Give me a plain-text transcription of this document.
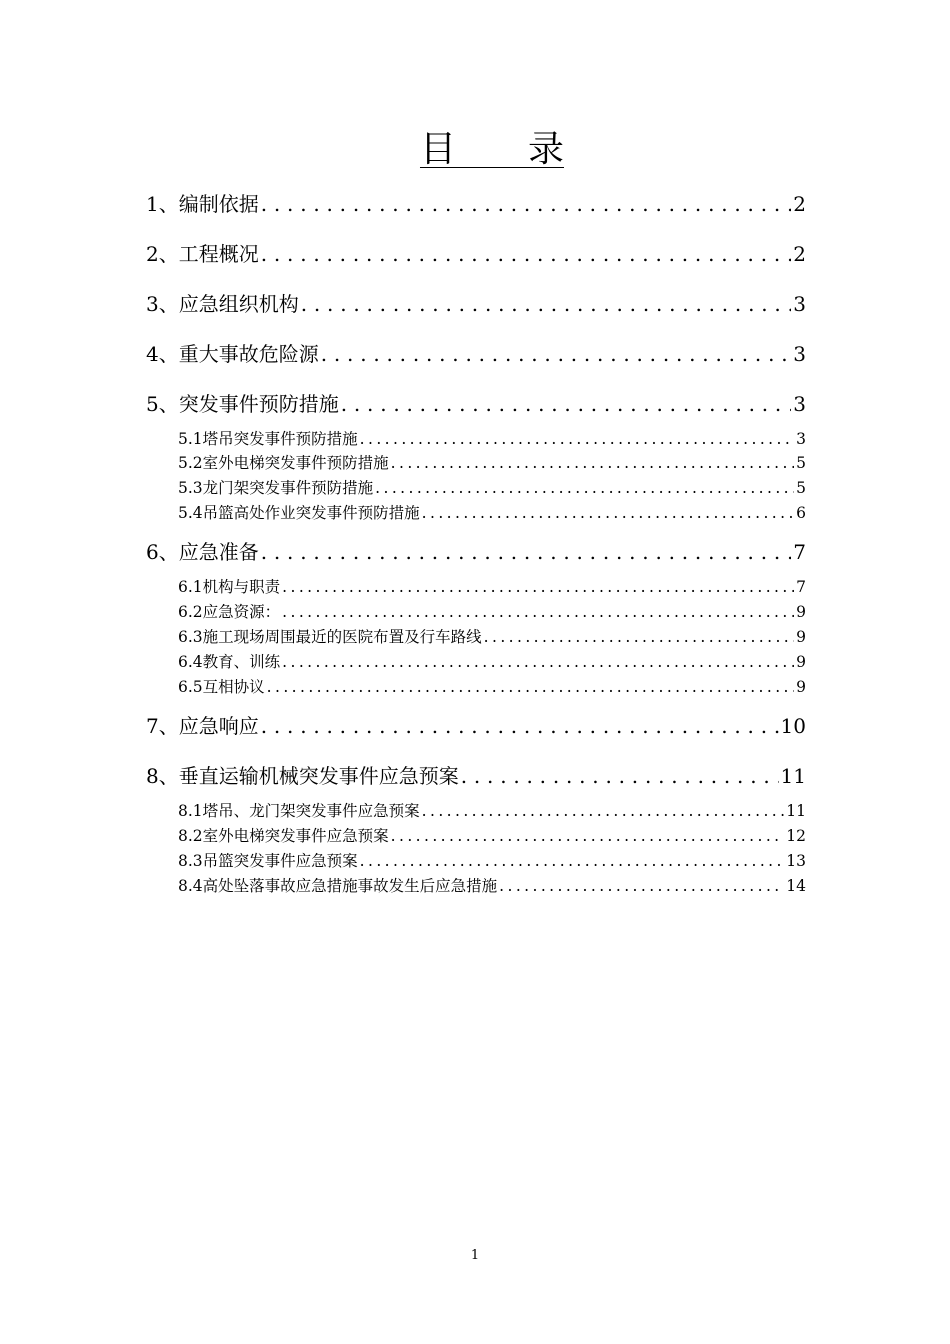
目　　录
1、编制依据 .....	2
2、工程概况 .....	2
3、应急组织机构 .....	3
4、重大事故危险源 .....	3
5、突发事件预防措施 .....	3
5.1塔吊突发事件预防措施 .....	3
5.2室外电梯突发事件预防措施 .....	5
5.3龙门架突发事件预防措施 .....	5
5.4吊篮高处作业突发事件预防措施 .....	6
6、应急准备 .....	7
6.1机构与职责 .....	7
6.2应急资源： .....	9
6.3施工现场周围最近的医院布置及行车路线 .....	9
6.4教育、训练 .....	9
6.5互相协议 .....	9
7、应急响应 .....	10
8、垂直运输机械突发事件应急预案 .....	11
8.1塔吊、龙门架突发事件应急预案 .....	11
8.2室外电梯突发事件应急预案 .....	12
8.3吊篮突发事件应急预案 .....	13
8.4高处坠落事故应急措施事故发生后应急措施 .....	14
1
